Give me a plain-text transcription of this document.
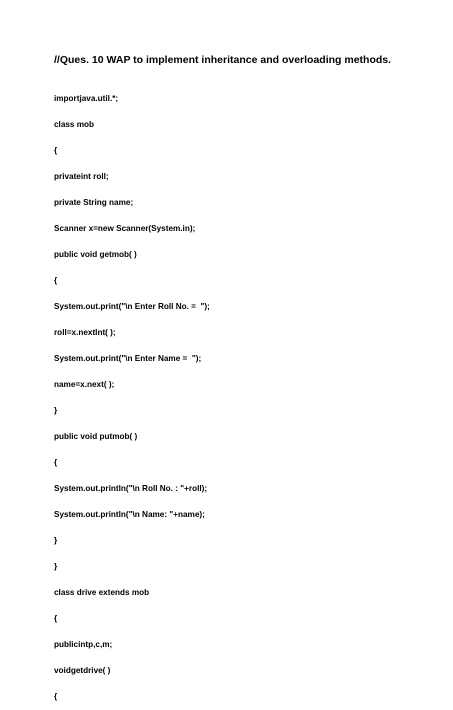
//Ques. 10 WAP to implement inheritance and overloading methods.
importjava.util.*;
class mob
{
privateint roll;
private String name;
Scanner x=new Scanner(System.in);
public void getmob( )
{
System.out.print("\n Enter Roll No. =  ");
roll=x.nextInt( );
System.out.print("\n Enter Name =  ");
name=x.next( );
}
public void putmob( )
{
System.out.println("\n Roll No. : "+roll);
System.out.println("\n Name: "+name);
}
}
class drive extends mob
{
publicintp,c,m;
voidgetdrive( )
{
